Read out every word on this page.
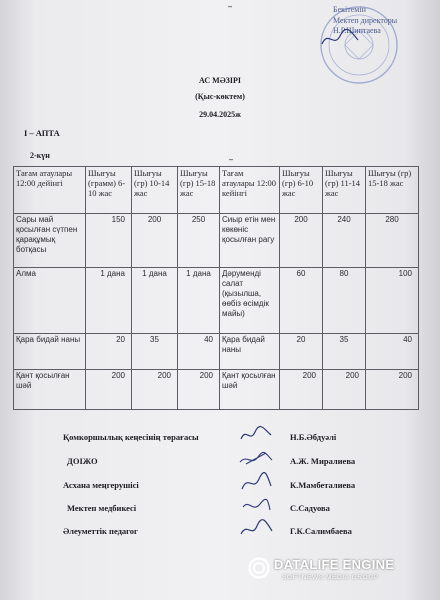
–	Бекітемін
Мектеп директоры
Н.Р.Шиптаева
АС МӘЗІРІ
(Қыс-көктем)
29.04.2025ж
I – АПТА
2-күн	–
Тағам атаулары 12:00 дейінгі	Шығуы (грамм) 6-10 жас	Шығуы (гр) 10-14 жас	Шығуы (гр) 15-18 жас	Тағам атаулары 12:00 кейінгі	Шығуы (гр) 6-10 жас	Шығуы (гр) 11-14 жас	Шығуы (гр) 15-18 жас
Сары май қосылған сүтпен қарақұмық ботқасы	150	200	250	Сиыр етін мен көкөніс қосылған рагу	200	240	280
Алма	1 дана	1 дана	1 дана	Дәруменді салат (қызылша, өөбіз өсімдік майы)	60	80	100
Қара бидай наны	20	35	40	Қара бидай наны	20	35	40
Қант қосылған шәй	200	200	200	Қант қосылған шәй	200	200	200
Қомкоршылық кеңесінің төрағасы	Н.Б.Әбдуәлі
ДОІЖО	А.Ж. Миралиева
Асхана меңгерушісі	К.Мамбеталиева
Мектеп медбикесі	С.Садуова
Әлеуметтік педагог	Г.К.Салимбаева
DATALIFE ENGINE
SOFTNEWS MEDIA GROUP
